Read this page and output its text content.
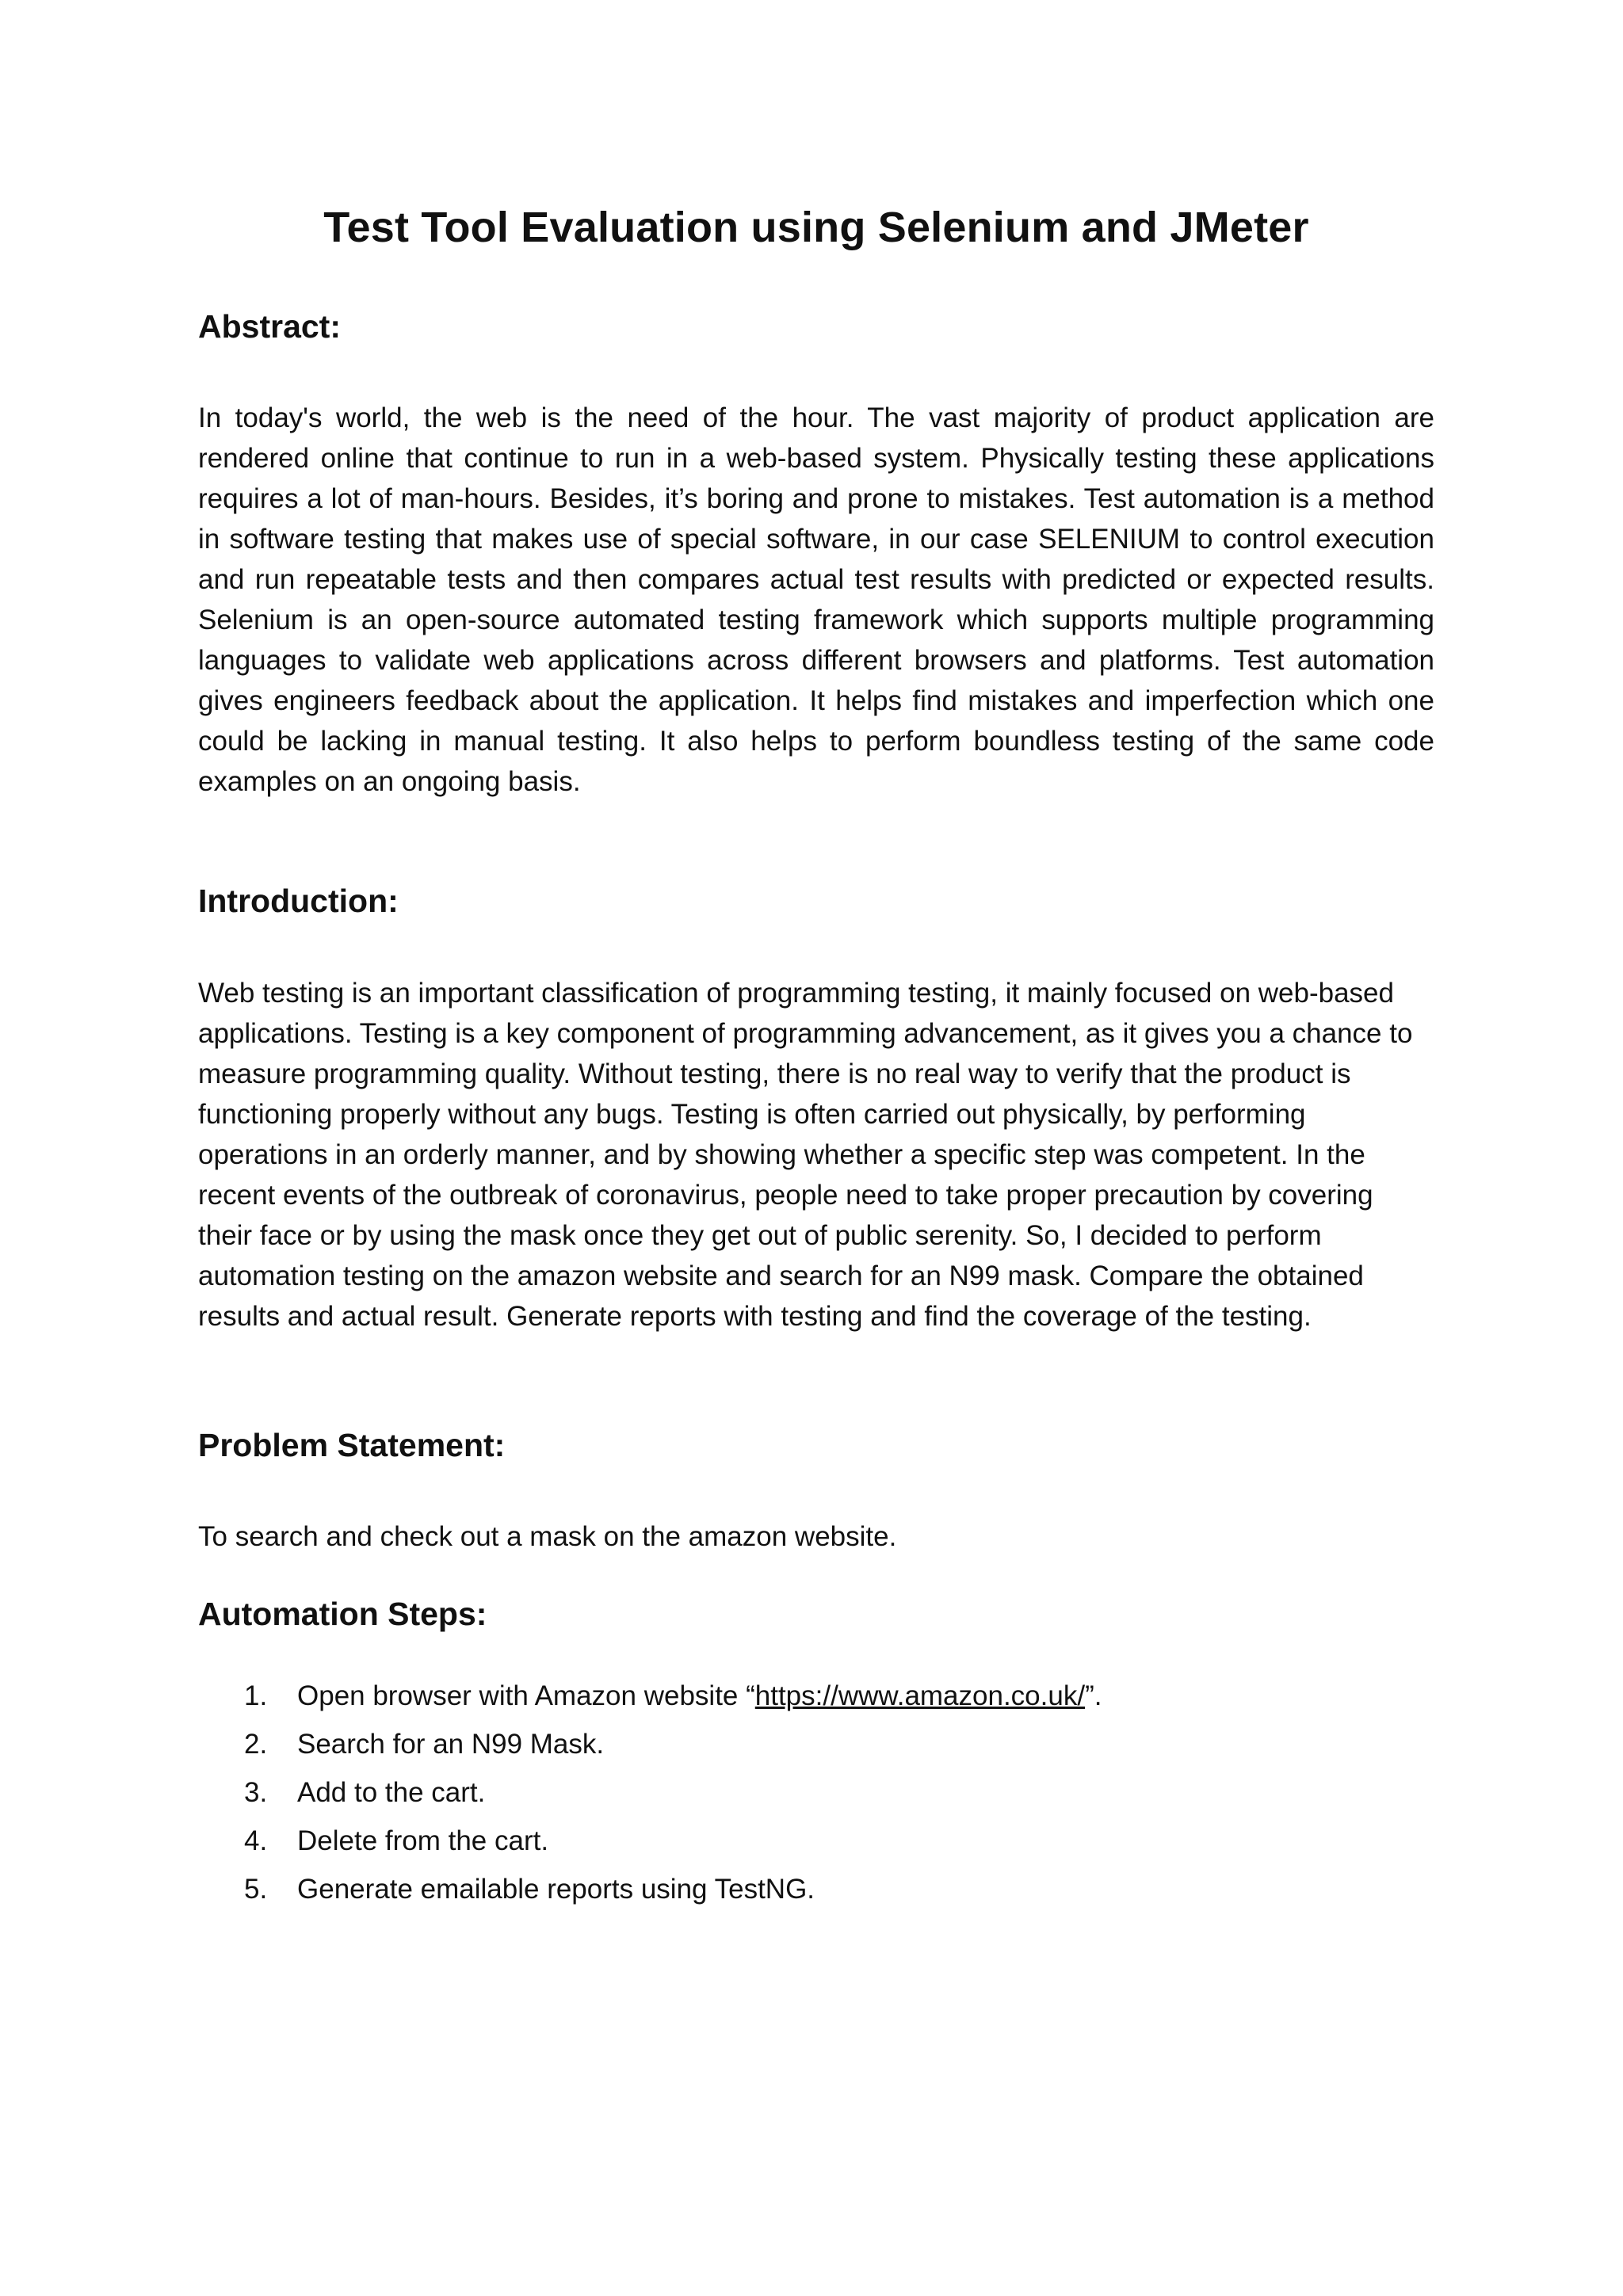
Test Tool Evaluation using Selenium and JMeter
Abstract:

In today's world, the web is the need of the hour. The vast majority of product application are rendered online that continue to run in a web-based system. Physically testing these applications requires a lot of man-hours. Besides, it’s boring and prone to mistakes. Test automation is a method in software testing that makes use of special software, in our case SELENIUM to control execution and run repeatable tests and then compares actual test results with predicted or expected results. Selenium is an open-source automated testing framework which supports multiple programming languages to validate web applications across different browsers and platforms. Test automation gives engineers feedback about the application. It helps find mistakes and imperfection which one could be lacking in manual testing. It also helps to perform boundless testing of the same code examples on an ongoing basis.

Introduction:

Web testing is an important classification of programming testing, it mainly focused on web-based applications. Testing is a key component of programming advancement, as it gives you a chance to measure programming quality. Without testing, there is no real way to verify that the product is functioning properly without any bugs. Testing is often carried out physically, by performing operations in an orderly manner, and by showing whether a specific step was competent. In the recent events of the outbreak of coronavirus, people need to take proper precaution by covering their face or by using the mask once they get out of public serenity. So, I decided to perform automation testing on the amazon website and search for an N99 mask. Compare the obtained results and actual result. Generate reports with testing and find the coverage of the testing.

Problem Statement:

To search and check out a mask on the amazon website.

Automation Steps:
1.	Open browser with Amazon website “https://www.amazon.co.uk/”.
2.	Search for an N99 Mask.
3.	Add to the cart.
4.	Delete from the cart.
5.	Generate emailable reports using TestNG.
